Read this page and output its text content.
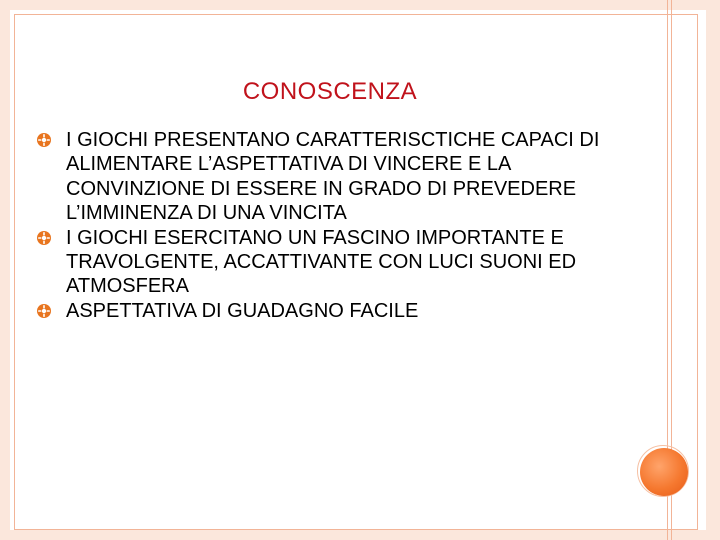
CONOSCENZA
I GIOCHI PRESENTANO CARATTERISCTICHE CAPACI DI ALIMENTARE L’ASPETTATIVA DI VINCERE E LA CONVINZIONE DI ESSERE IN GRADO DI PREVEDERE L’IMMINENZA DI UNA VINCITA
I GIOCHI ESERCITANO UN FASCINO IMPORTANTE E TRAVOLGENTE, ACCATTIVANTE CON LUCI SUONI ED ATMOSFERA
ASPETTATIVA DI GUADAGNO FACILE
